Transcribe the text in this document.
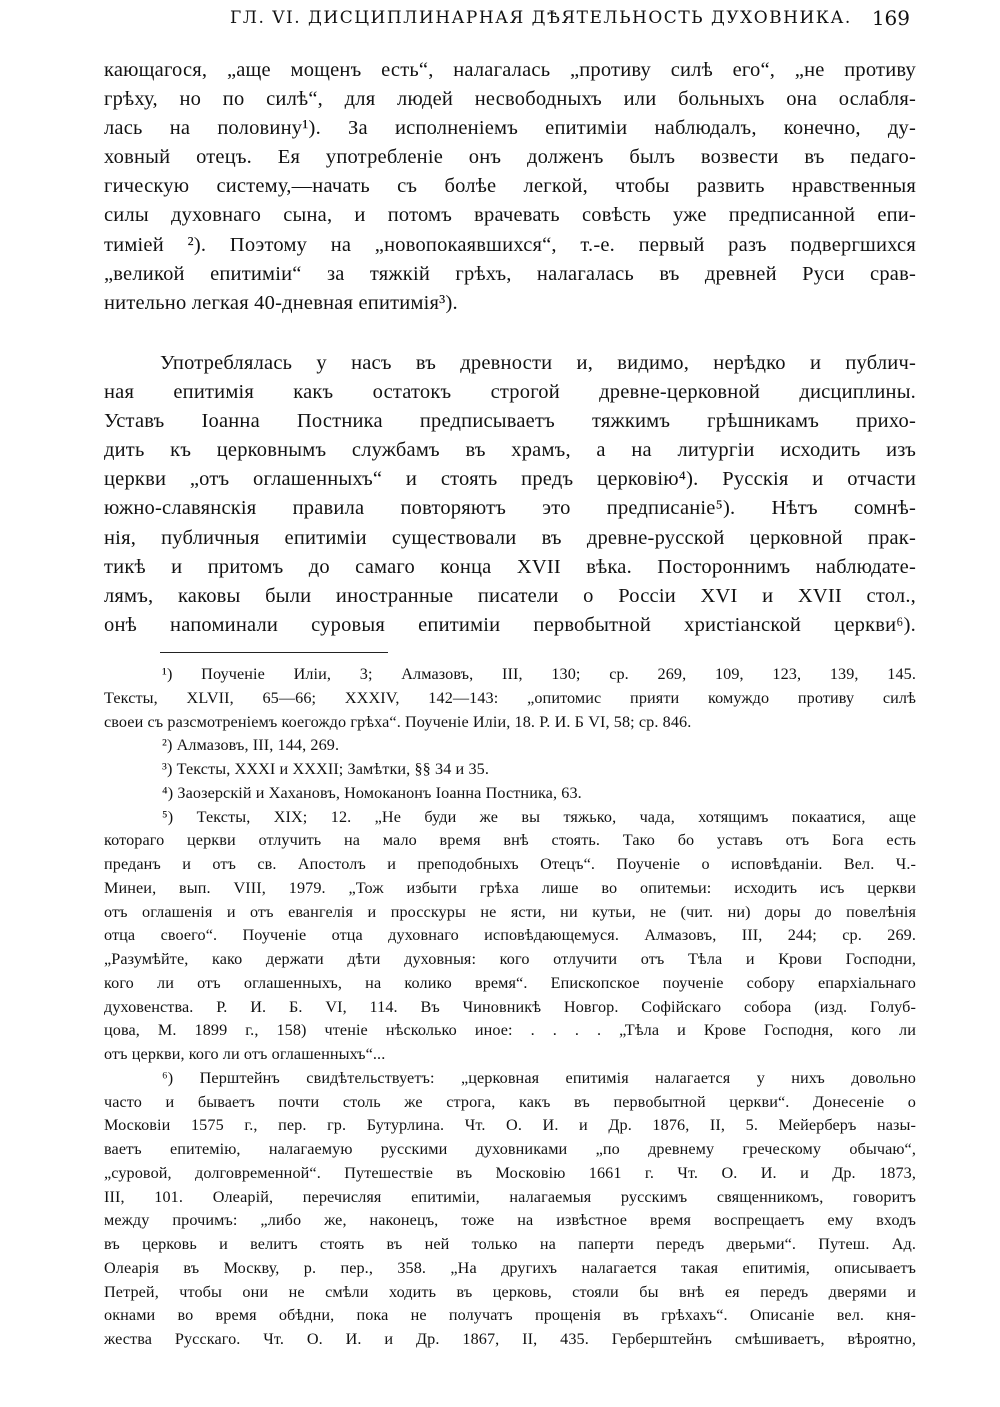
ГЛ. VI. ДИСЦИПЛИНАРНАЯ ДѢЯТЕЛЬНОСТЬ ДУХОВНИКА. 169
кающагося, „аще мощенъ есть“, налагалась „противу силѣ его“, „не противу
грѣху, но по силѣ“, для людей несвободныхъ или больныхъ она ослабля-
лась на половину¹). За исполненіемъ епитиміи наблюдалъ, конечно, ду-
ховный отецъ. Ея употребленіе онъ долженъ былъ возвести въ педаго-
гическую систему,—начать съ болѣе легкой, чтобы развить нравственныя
силы духовнаго сына, и потомъ врачевать совѣсть уже предписанной епи-
тиміей ²). Поэтому на „новопокаявшихся“, т.-е. первый разъ подвергшихся
„великой епитиміи“ за тяжкій грѣхъ, налагалась въ древней Руси срав-
нительно легкая 40-дневная епитимія³).
Употреблялась у насъ въ древности и, видимо, нерѣдко и публич-
ная епитимія какъ остатокъ строгой древне-церковной дисциплины.
Уставъ Іоанна Постника предписываетъ тяжкимъ грѣшникамъ прихо-
дить къ церковнымъ службамъ въ храмъ, а на литургіи исходить изъ
церкви „отъ оглашенныхъ“ и стоять предъ церковію⁴). Русскія и отчасти
южно-славянскія правила повторяютъ это предписаніе⁵). Нѣтъ сомнѣ-
нія, публичныя епитиміи существовали въ древне-русской церковной прак-
тикѣ и притомъ до самаго конца XVII вѣка. Постороннимъ наблюдате-
лямъ, каковы были иностранные писатели о Россіи XVI и XVII стол.,
онѣ напоминали суровыя епитиміи первобытной христіанской церкви⁶).
¹) Поученіе Иліи, 3; Алмазовъ, III, 130; ср. 269, 109, 123, 139, 145.
Тексты, XLVII, 65—66; XXXIV, 142—143: „опитомис прияти комуждо противу силѣ
своеи съ разсмотреніемъ коегождо грѣха“. Поученіе Иліи, 18. Р. И. Б VI, 58; ср. 846.
²) Алмазовъ, III, 144, 269.
³) Тексты, XXXI и XXXII; Замѣтки, §§ 34 и 35.
⁴) Заозерскій и Хахановъ, Номоканонъ Іоанна Постника, 63.
⁵) Тексты, XIX; 12. „Не буди же вы тяжько, чада, хотящимъ покаатися, аще
котораго церкви отлучить на мало время внѣ стоять. Тако бо уставъ отъ Бога есть
преданъ и отъ св. Апостолъ и преподобныхъ Отецъ“. Поученіе о исповѣданіи. Вел. Ч.-
Минеи, вып. VIII, 1979. „Тож избыти грѣха лише во опитемьи: исходить исъ церкви
отъ оглашенія и отъ евангелія и просскуры не ясти, ни кутьи, не (чит. ни) доры до повелѣнія
отца своего“. Поученіе отца духовнаго исповѣдающемуся. Алмазовъ, III, 244; ср. 269.
„Разумѣйте, како держати дѣти духовныя: кого отлучити отъ Тѣла и Крови Господни,
кого ли отъ оглашенныхъ, на колико время“. Епископское поученіе собору епархіальнаго
духовенства. Р. И. Б. VI, 114. Въ Чиновникѣ Новгор. Софійскаго собора (изд. Голуб-
цова, М. 1899 г., 158) чтеніе нѣсколько иное: . . . . „Тѣла и Крове Господня, кого ли
отъ церкви, кого ли отъ оглашенныхъ“...
⁶) Перштейнъ свидѣтельствуетъ: „церковная епитимія налагается у нихъ довольно
часто и бываетъ почти столь же строга, какъ въ первобытной церкви“. Донесеніе о
Московіи 1575 г., пер. гр. Бутурлина. Чт. О. И. и Др. 1876, II, 5. Мейерберъ назы-
ваетъ епитемію, налагаемую русскими духовниками „по древнему греческому обычаю“,
„суровой, долговременной“. Путешествіе въ Московію 1661 г. Чт. О. И. и Др. 1873,
III, 101. Олеарій, перечисляя епитиміи, налагаемыя русскимъ священникомъ, говоритъ
между прочимъ: „либо же, наконецъ, тоже на извѣстное время воспрещаетъ ему входъ
въ церковь и велитъ стоять въ ней только на паперти передъ дверьми“. Путеш. Ад.
Олеарія въ Москву, р. пер., 358. „На другихъ налагается такая епитимія, описываетъ
Петрей, чтобы они не смѣли ходить въ церковь, стояли бы внѣ ея передъ дверями и
окнами во время обѣдни, пока не получатъ прощенія въ грѣхахъ“. Описаніе вел. кня-
жества Русскаго. Чт. О. И. и Др. 1867, II, 435. Герберштейнъ смѣшиваетъ, вѣроятно,
